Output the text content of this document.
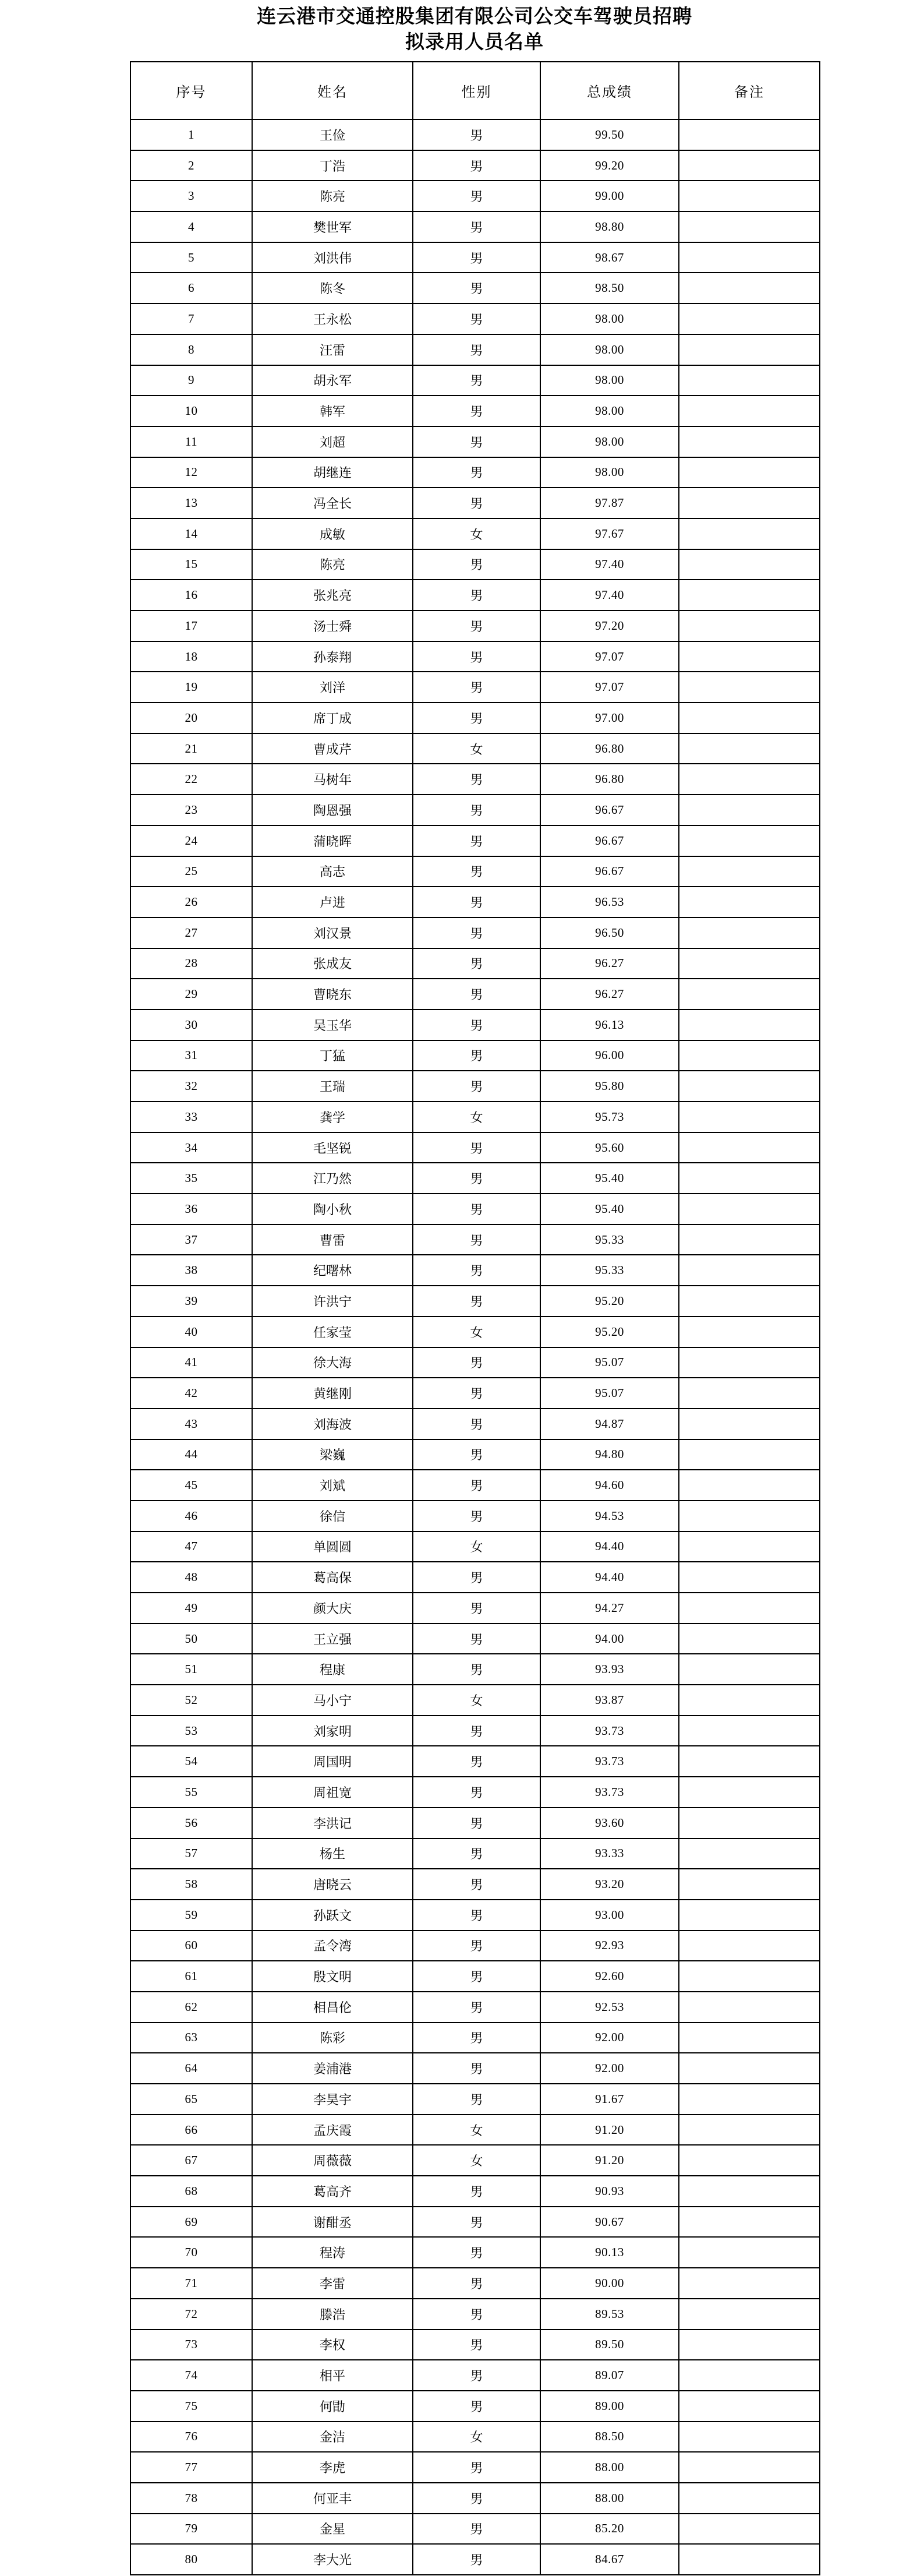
连云港市交通控股集团有限公司公交车驾驶员招聘
拟录用人员名单
序号	姓名	性别	总成绩	备注
1	王俭	男	99.50	
2	丁浩	男	99.20	
3	陈亮	男	99.00	
4	樊世军	男	98.80	
5	刘洪伟	男	98.67	
6	陈冬	男	98.50	
7	王永松	男	98.00	
8	汪雷	男	98.00	
9	胡永军	男	98.00	
10	韩军	男	98.00	
11	刘超	男	98.00	
12	胡继连	男	98.00	
13	冯全长	男	97.87	
14	成敏	女	97.67	
15	陈亮	男	97.40	
16	张兆亮	男	97.40	
17	汤士舜	男	97.20	
18	孙泰翔	男	97.07	
19	刘洋	男	97.07	
20	席丁成	男	97.00	
21	曹成芹	女	96.80	
22	马树年	男	96.80	
23	陶恩强	男	96.67	
24	蒲晓晖	男	96.67	
25	高志	男	96.67	
26	卢进	男	96.53	
27	刘汉景	男	96.50	
28	张成友	男	96.27	
29	曹晓东	男	96.27	
30	吴玉华	男	96.13	
31	丁猛	男	96.00	
32	王瑞	男	95.80	
33	龚学	女	95.73	
34	毛坚锐	男	95.60	
35	江乃然	男	95.40	
36	陶小秋	男	95.40	
37	曹雷	男	95.33	
38	纪曙林	男	95.33	
39	许洪宁	男	95.20	
40	任家莹	女	95.20	
41	徐大海	男	95.07	
42	黄继刚	男	95.07	
43	刘海波	男	94.87	
44	梁巍	男	94.80	
45	刘斌	男	94.60	
46	徐信	男	94.53	
47	单圆圆	女	94.40	
48	葛高保	男	94.40	
49	颜大庆	男	94.27	
50	王立强	男	94.00	
51	程康	男	93.93	
52	马小宁	女	93.87	
53	刘家明	男	93.73	
54	周国明	男	93.73	
55	周祖宽	男	93.73	
56	李洪记	男	93.60	
57	杨生	男	93.33	
58	唐晓云	男	93.20	
59	孙跃文	男	93.00	
60	孟令湾	男	92.93	
61	殷文明	男	92.60	
62	相昌伦	男	92.53	
63	陈彩	男	92.00	
64	姜浦港	男	92.00	
65	李昊宇	男	91.67	
66	孟庆霞	女	91.20	
67	周薇薇	女	91.20	
68	葛高齐	男	90.93	
69	谢酣丞	男	90.67	
70	程涛	男	90.13	
71	李雷	男	90.00	
72	滕浩	男	89.53	
73	李权	男	89.50	
74	相平	男	89.07	
75	何勖	男	89.00	
76	金洁	女	88.50	
77	李虎	男	88.00	
78	何亚丰	男	88.00	
79	金星	男	85.20	
80	李大光	男	84.67	
